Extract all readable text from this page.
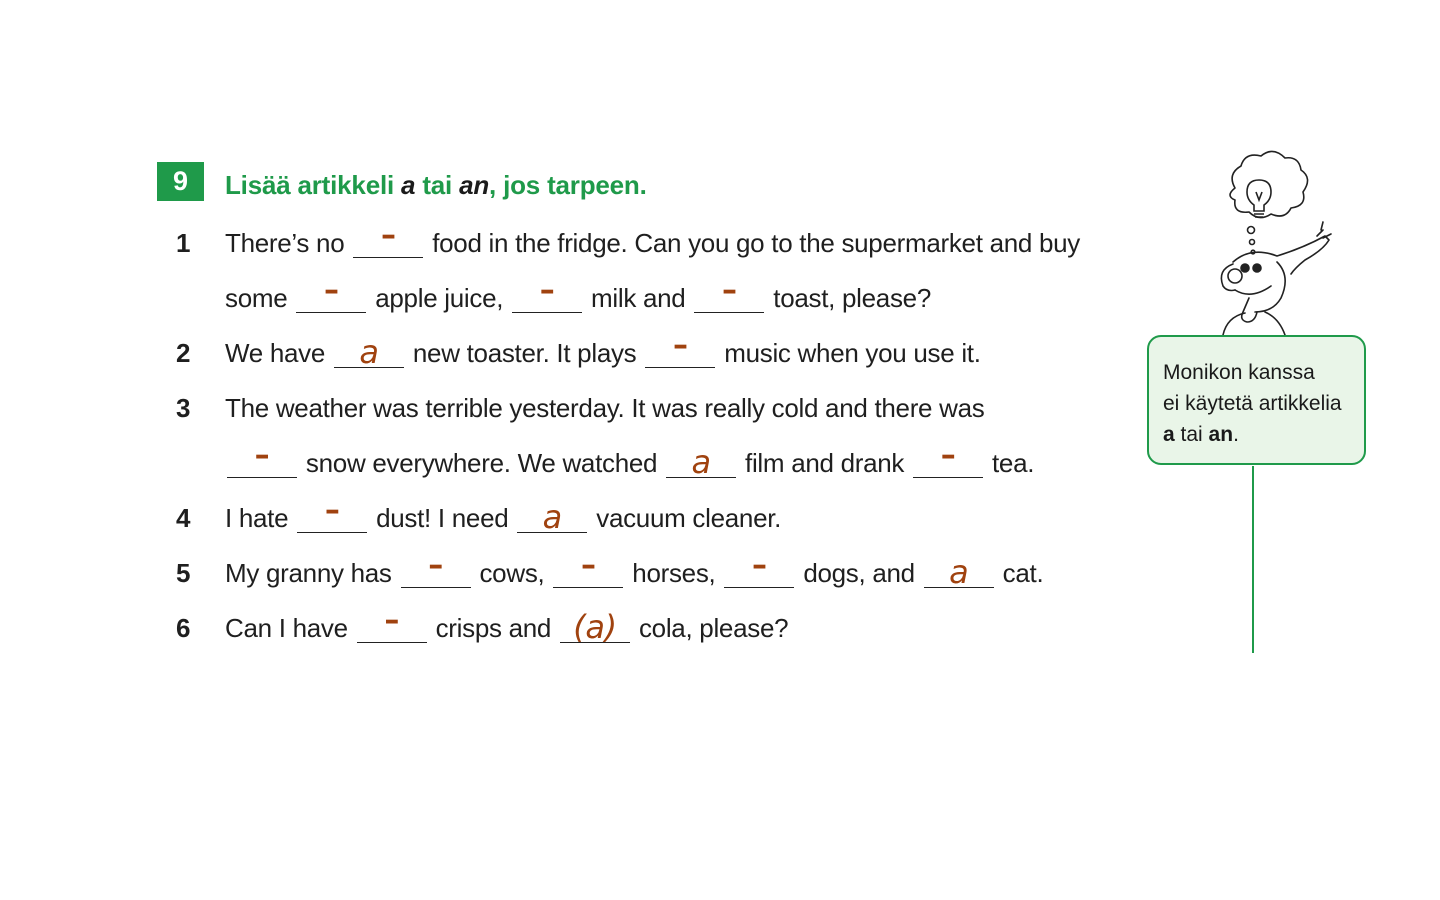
9	Lisää artikkeli a tai an, jos tarpeen.
1	There’s no –	food in the fridge. Can you go to the supermarket and buy
some –	apple juice, –	milk and –	toast, please?
2	We have a	new toaster. It plays –	music when you use it.
3	The weather was terrible yesterday. It was really cold and there was
–	snow everywhere. We watched a	film and drank –	tea.
4	I hate –	dust! I need a	vacuum cleaner.
5	My granny has –	cows, –	horses, –	dogs, and a	cat.
6	Can I have –	crisps and (a) cola, please?
Monikon kanssa
ei käytetä artikkelia
a tai an.
